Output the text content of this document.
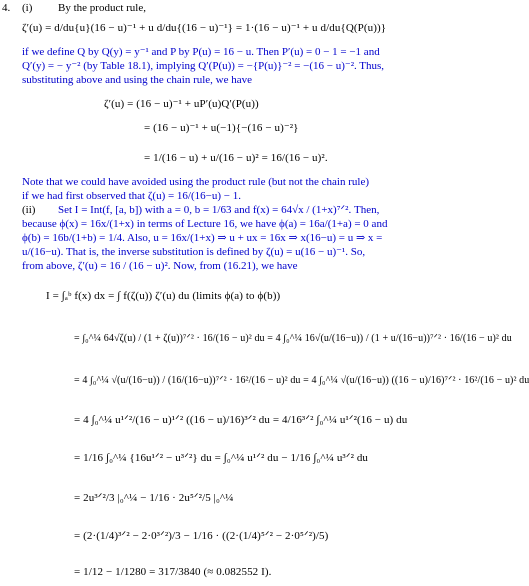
4. (i) By the product rule,
ζ′(u) = d/du{u}(16 − u)⁻¹ + u d/du{(16 − u)⁻¹} = 1·(16 − u)⁻¹ + u d/du{Q(P(u))}
if we define Q by Q(y) = y⁻¹ and P by P(u) = 16 − u. Then P′(u) = 0 − 1 = −1 and
Q′(y) = − y⁻² (by Table 18.1), implying Q′(P(u)) = −{P(u)}⁻² = −(16 − u)⁻². Thus,
substituting above and using the chain rule, we have
ζ′(u) = (16 − u)⁻¹ + uP′(u)Q′(P(u))
= (16 − u)⁻¹ + u(−1){−(16 − u)⁻²}
= 1/(16 − u) + u/(16 − u)² = 16/(16 − u)².
Note that we could have avoided using the product rule (but not the chain rule)
if we had first observed that ζ(u) = 16/(16−u) − 1.
(ii) Set I = Int(f, [a, b]) with a = 0, b = 1/63 and f(x) = 64√x / (1+x)⁷ᐟ². Then,
because ϕ(x) = 16x/(1+x) in terms of Lecture 16, we have ϕ(a) = 16a/(1+a) = 0 and
ϕ(b) = 16b/(1+b) = 1/4. Also, u = 16x/(1+x) ⇒ u + ux = 16x ⇒ x(16−u) = u ⇒ x =
u/(16−u). That is, the inverse substitution is defined by ζ(u) = u(16 − u)⁻¹. So,
from above, ζ′(u) = 16 / (16 − u)². Now, from (16.21), we have
I = ∫ₐᵇ f(x) dx = ∫ f(ζ(u)) ζ′(u) du (limits ϕ(a) to ϕ(b))
= ∫₀^¼ 64√ζ(u) / (1 + ζ(u))⁷ᐟ² · 16/(16 − u)² du = 4 ∫₀^¼ 16√(u/(16−u)) / (1 + u/(16−u))⁷ᐟ² · 16/(16 − u)² du
= 4 ∫₀^¼ √(u/(16−u)) / (16/(16−u))⁷ᐟ² · 16²/(16 − u)² du = 4 ∫₀^¼ √(u/(16−u)) ((16 − u)/16)⁷ᐟ² · 16²/(16 − u)² du
= 4 ∫₀^¼ u¹ᐟ²/(16 − u)¹ᐟ² ((16 − u)/16)³ᐟ² du = 4/16³ᐟ² ∫₀^¼ u¹ᐟ²(16 − u) du
= 1/16 ∫₀^¼ {16u¹ᐟ² − u³ᐟ²} du = ∫₀^¼ u¹ᐟ² du − 1/16 ∫₀^¼ u³ᐟ² du
= 2u³ᐟ²/3 |₀^¼ − 1/16 · 2u⁵ᐟ²/5 |₀^¼
= (2·(1/4)³ᐟ² − 2·0³ᐟ²)/3 − 1/16 · ((2·(1/4)⁵ᐟ² − 2·0⁵ᐟ²)/5)
= 1/12 − 1/1280 = 317/3840 (≈ 0.082552 I).
